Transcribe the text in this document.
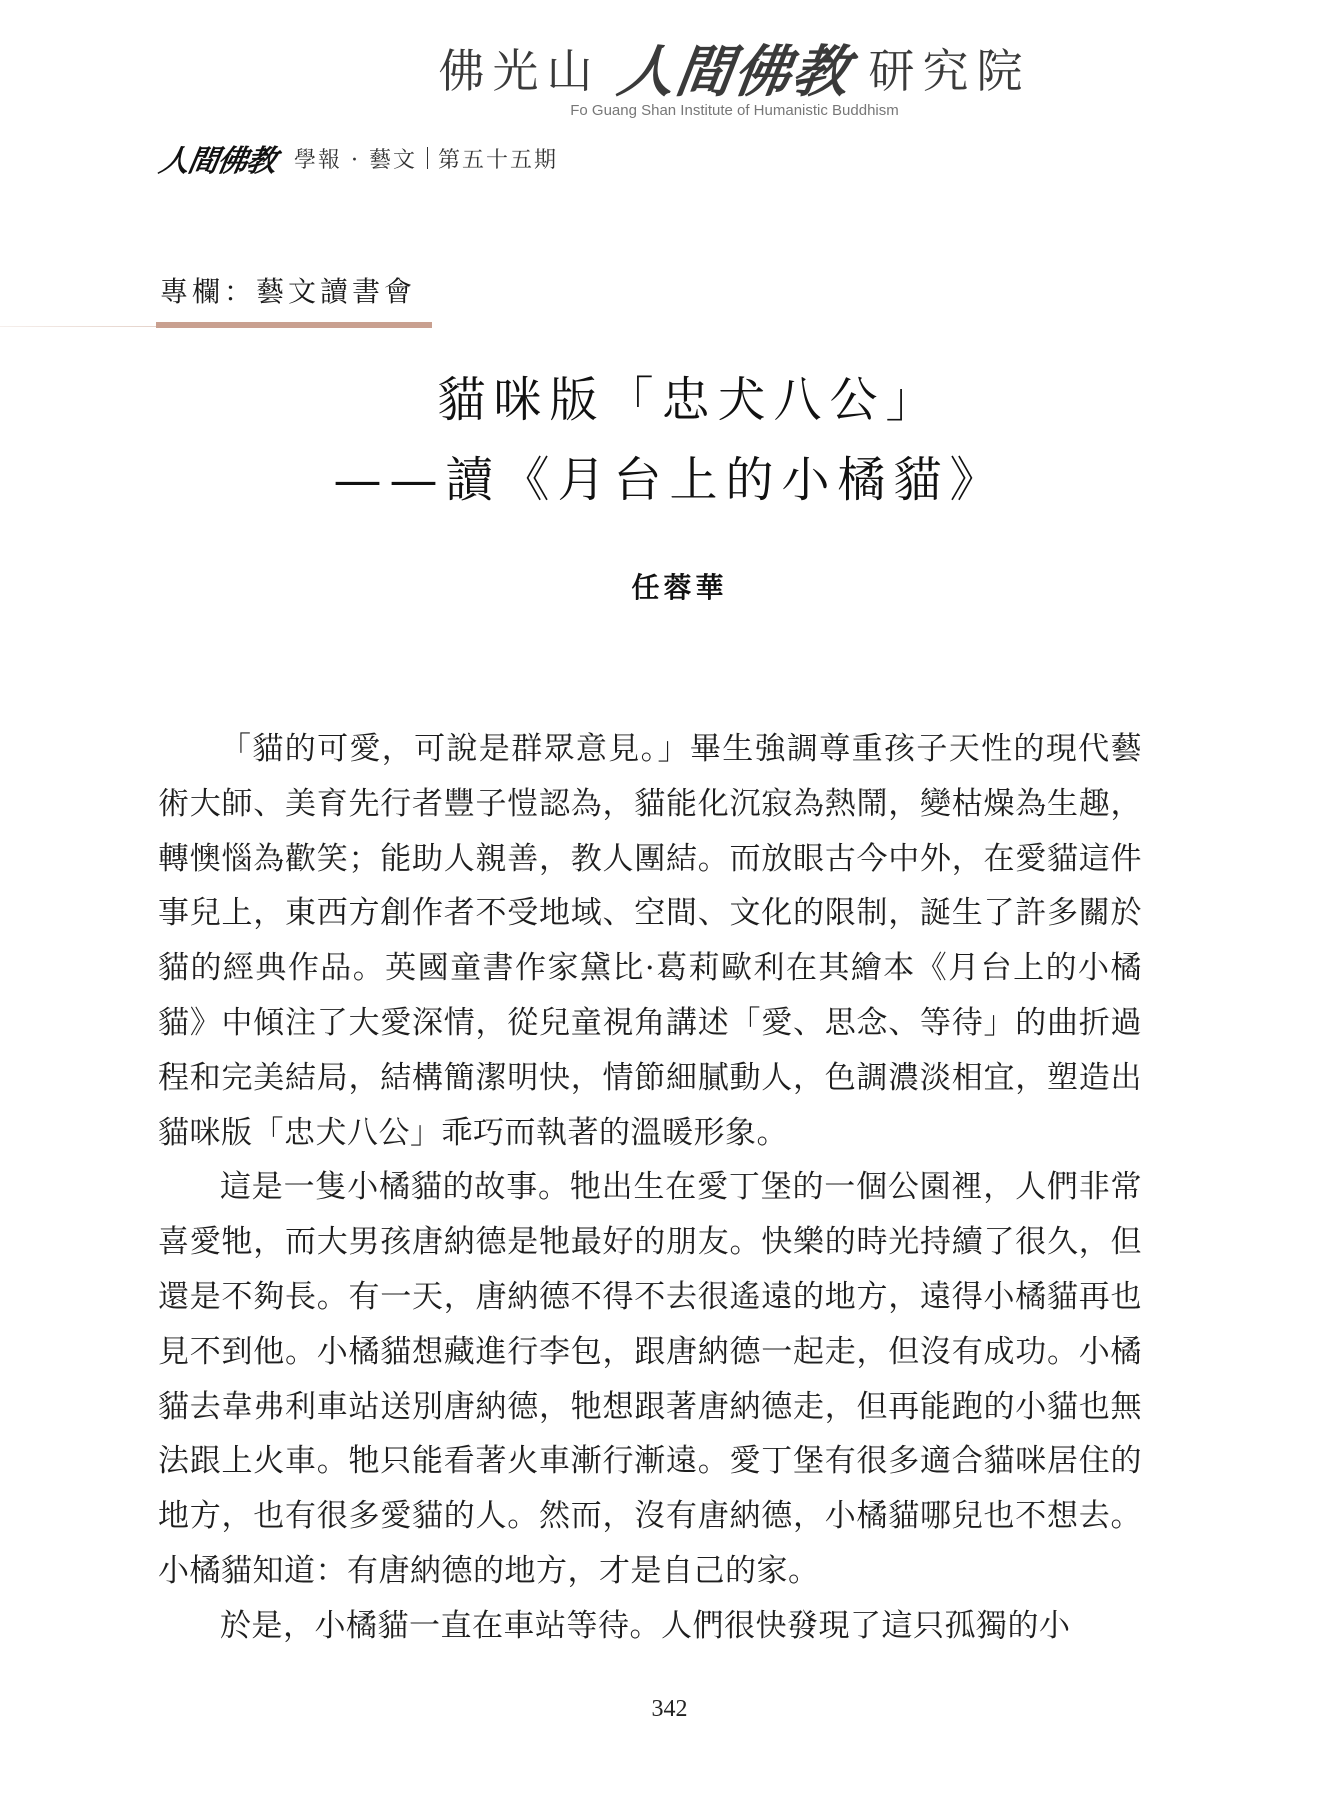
佛光山 人間佛教 研究院
Fo Guang Shan Institute of Humanistic Buddhism
人間佛教 學報 · 藝文 第五十五期
專欄：藝文讀書會
貓咪版「忠犬八公」
——讀《月台上的小橘貓》
任蓉華

「貓的可愛，可說是群眾意見。」畢生強調尊重孩子天性的現代藝術大師、美育先行者豐子愷認為，貓能化沉寂為熱鬧，變枯燥為生趣，轉懊惱為歡笑；能助人親善，教人團結。而放眼古今中外，在愛貓這件事兒上，東西方創作者不受地域、空間、文化的限制，誕生了許多關於貓的經典作品。英國童書作家黛比·葛莉歐利在其繪本《月台上的小橘貓》中傾注了大愛深情，從兒童視角講述「愛、思念、等待」的曲折過程和完美結局，結構簡潔明快，情節細膩動人，色調濃淡相宜，塑造出貓咪版「忠犬八公」乖巧而執著的溫暖形象。

這是一隻小橘貓的故事。牠出生在愛丁堡的一個公園裡，人們非常喜愛牠，而大男孩唐納德是牠最好的朋友。快樂的時光持續了很久，但還是不夠長。有一天，唐納德不得不去很遙遠的地方，遠得小橘貓再也見不到他。小橘貓想藏進行李包，跟唐納德一起走，但沒有成功。小橘貓去韋弗利車站送別唐納德，牠想跟著唐納德走，但再能跑的小貓也無法跟上火車。牠只能看著火車漸行漸遠。愛丁堡有很多適合貓咪居住的地方，也有很多愛貓的人。然而，沒有唐納德，小橘貓哪兒也不想去。小橘貓知道：有唐納德的地方，才是自己的家。

於是，小橘貓一直在車站等待。人們很快發現了這只孤獨的小

342
